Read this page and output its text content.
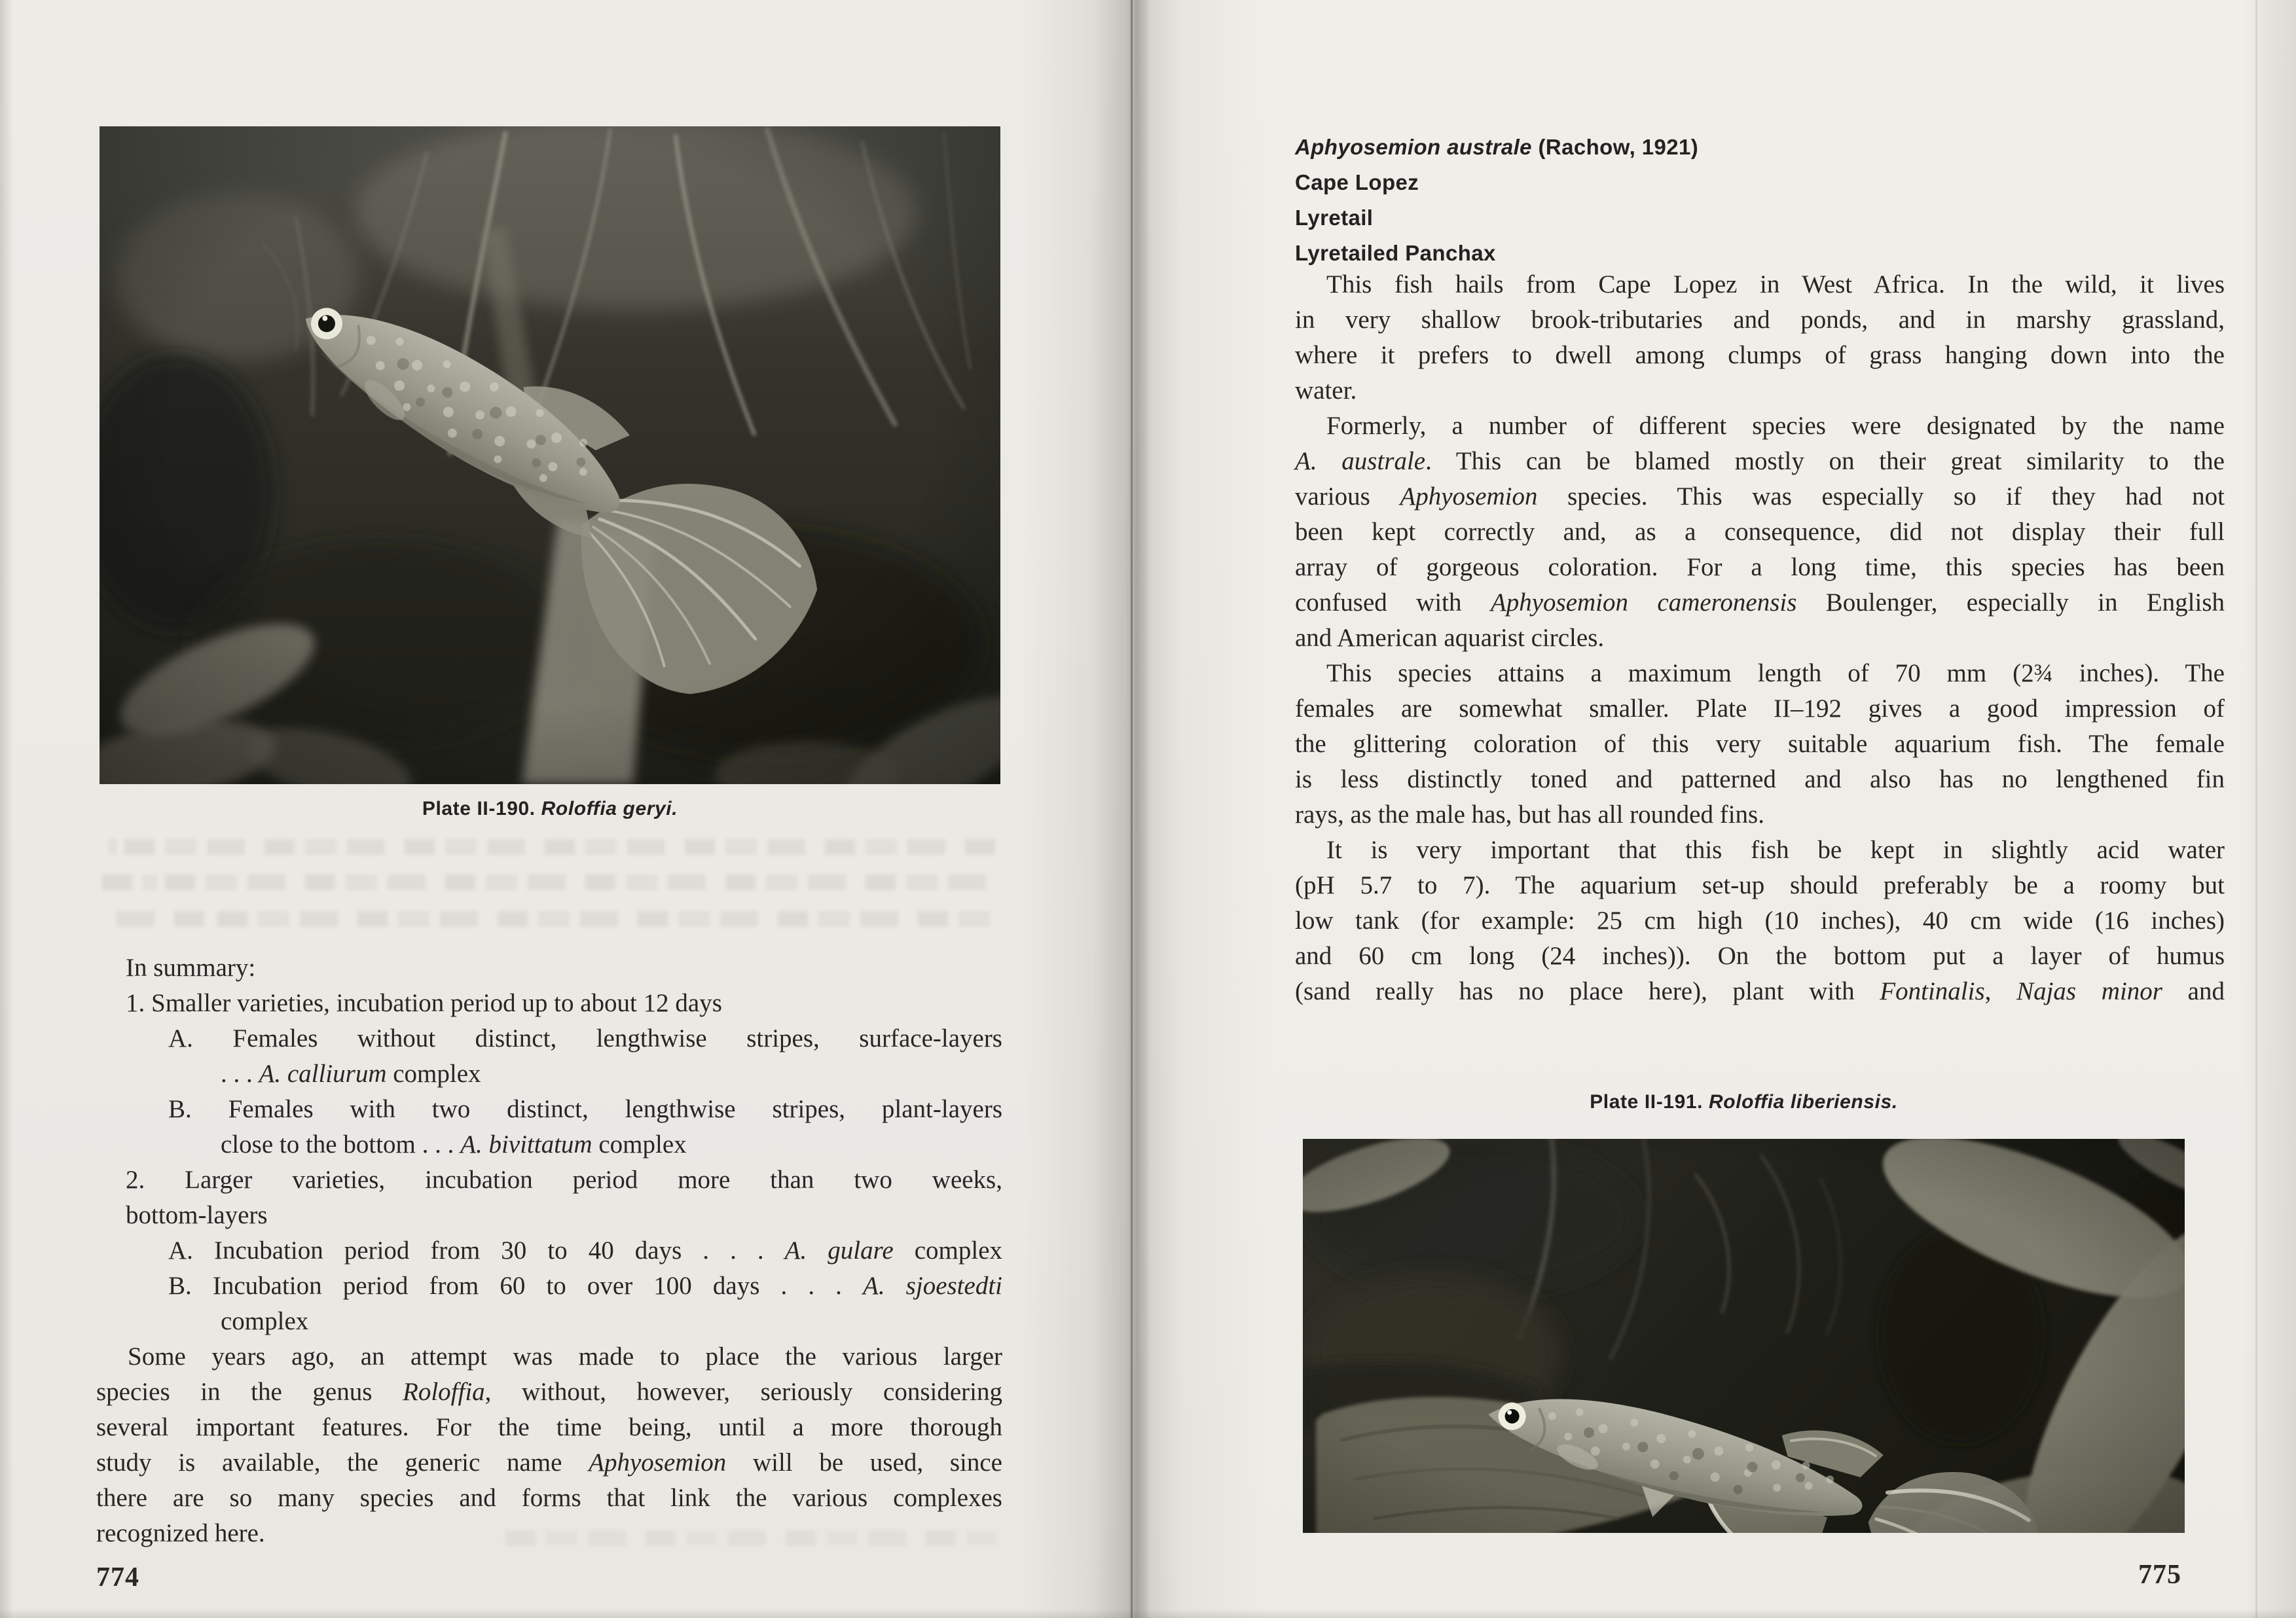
Plate II-190. Roloffia geryi.
In summary:
1. Smaller varieties, incubation period up to about 12 days
A. Females without distinct, lengthwise stripes, surface-layers
. . . A. calliurum complex
B. Females with two distinct, lengthwise stripes, plant-layers
close to the bottom . . . A. bivittatum complex
2. Larger varieties, incubation period more than two weeks,
bottom-layers
A. Incubation period from 30 to 40 days . . . A. gulare complex
B. Incubation period from 60 to over 100 days . . . A. sjoestedti
complex
Some years ago, an attempt was made to place the various larger
species in the genus Roloffia, without, however, seriously considering
several important features. For the time being, until a more thorough
study is available, the generic name Aphyosemion will be used, since
there are so many species and forms that link the various complexes
recognized here.
774
Aphyosemion australe (Rachow, 1921)
Cape Lopez
Lyretail
Lyretailed Panchax
This fish hails from Cape Lopez in West Africa. In the wild, it lives
in very shallow brook-tributaries and ponds, and in marshy grassland,
where it prefers to dwell among clumps of grass hanging down into the
water.
Formerly, a number of different species were designated by the name
A. australe. This can be blamed mostly on their great similarity to the
various Aphyosemion species. This was especially so if they had not
been kept correctly and, as a consequence, did not display their full
array of gorgeous coloration. For a long time, this species has been
confused with Aphyosemion cameronensis Boulenger, especially in English
and American aquarist circles.
This species attains a maximum length of 70 mm (2¾ inches). The
females are somewhat smaller. Plate II–192 gives a good impression of
the glittering coloration of this very suitable aquarium fish. The female
is less distinctly toned and patterned and also has no lengthened fin
rays, as the male has, but has all rounded fins.
It is very important that this fish be kept in slightly acid water
(pH 5.7 to 7). The aquarium set-up should preferably be a roomy but
low tank (for example: 25 cm high (10 inches), 40 cm wide (16 inches)
and 60 cm long (24 inches)). On the bottom put a layer of humus
(sand really has no place here), plant with Fontinalis, Najas minor and
Plate II-191. Roloffia liberiensis.
775
